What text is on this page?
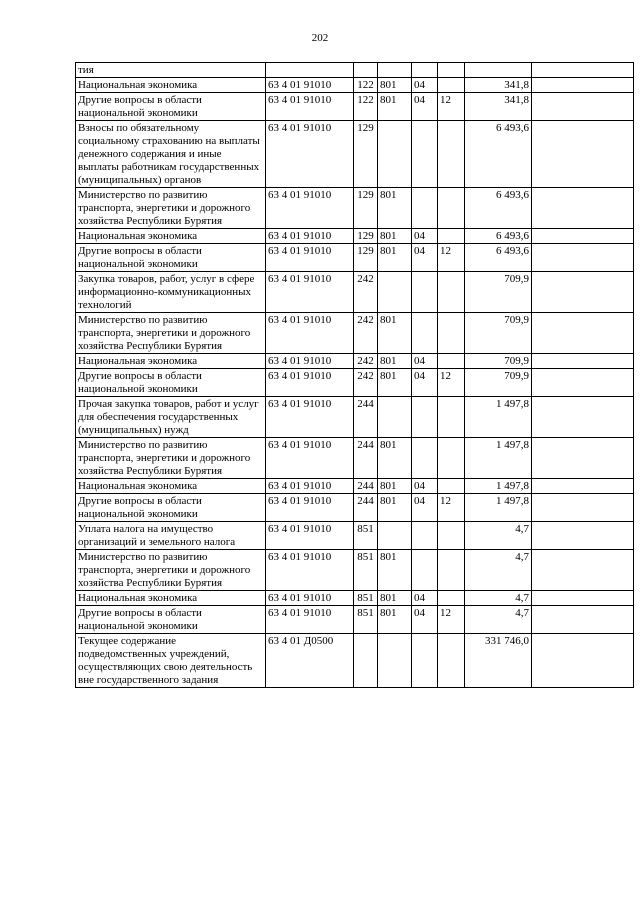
202
тия							
Национальная экономика	63 4 01 91010	122	801	04		341,8	
Другие вопросы в области национальной экономики	63 4 01 91010	122	801	04	12	341,8	
Взносы по обязательному социальному страхованию на выплаты денежного содержания и иные выплаты работникам государственных (муниципальных) органов	63 4 01 91010	129				6 493,6	
Министерство по развитию транспорта, энергетики и дорожного хозяйства Республики Бурятия	63 4 01 91010	129	801			6 493,6	
Национальная экономика	63 4 01 91010	129	801	04		6 493,6	
Другие вопросы в области национальной экономики	63 4 01 91010	129	801	04	12	6 493,6	
Закупка товаров, работ, услуг в сфере информационно-коммуникационных технологий	63 4 01 91010	242				709,9	
Министерство по развитию транспорта, энергетики и дорожного хозяйства Республики Бурятия	63 4 01 91010	242	801			709,9	
Национальная экономика	63 4 01 91010	242	801	04		709,9	
Другие вопросы в области национальной экономики	63 4 01 91010	242	801	04	12	709,9	
Прочая закупка товаров, работ и услуг для обеспечения государственных (муниципальных) нужд	63 4 01 91010	244				1 497,8	
Министерство по развитию транспорта, энергетики и дорожного хозяйства Республики Бурятия	63 4 01 91010	244	801			1 497,8	
Национальная экономика	63 4 01 91010	244	801	04		1 497,8	
Другие вопросы в области национальной экономики	63 4 01 91010	244	801	04	12	1 497,8	
Уплата налога на имущество организаций и земельного налога	63 4 01 91010	851				4,7	
Министерство по развитию транспорта, энергетики и дорожного хозяйства Республики Бурятия	63 4 01 91010	851	801			4,7	
Национальная экономика	63 4 01 91010	851	801	04		4,7	
Другие вопросы в области национальной экономики	63 4 01 91010	851	801	04	12	4,7	
Текущее содержание подведомственных учреждений, осуществляющих свою деятельность вне государственного задания	63 4 01 Д0500					331 746,0	
